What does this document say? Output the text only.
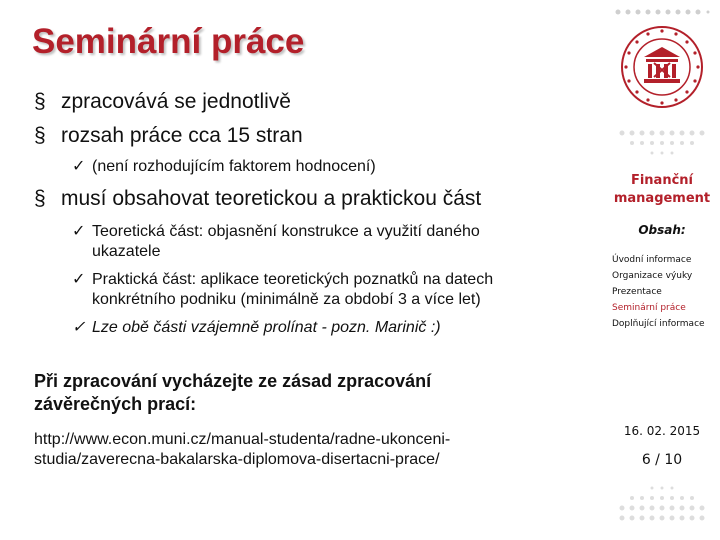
Seminární práce
§ zpracovává se jednotlivě
§ rozsah práce cca 15 stran
✓ (není rozhodujícím faktorem hodnocení)
§ musí obsahovat teoretickou a praktickou část
✓ Teoretická část: objasnění konstrukce a využití daného
ukazatele
✓ Praktická část: aplikace teoretických poznatků na datech
konkrétního podniku (minimálně za období 3 a více let)
✓ Lze obě části vzájemně prolínat - pozn. Marinič :)
Při zpracování vycházejte ze zásad zpracování
závěrečných prací:
http://www.econ.muni.cz/manual-studenta/radne-ukonceni-
studia/zaverecna-bakalarska-diplomova-disertacni-prace/
Finanční
management
Obsah:
Úvodní informace
Organizace výuky
Prezentace
Seminární práce
Doplňující informace
16. 02. 2015
6 / 10
